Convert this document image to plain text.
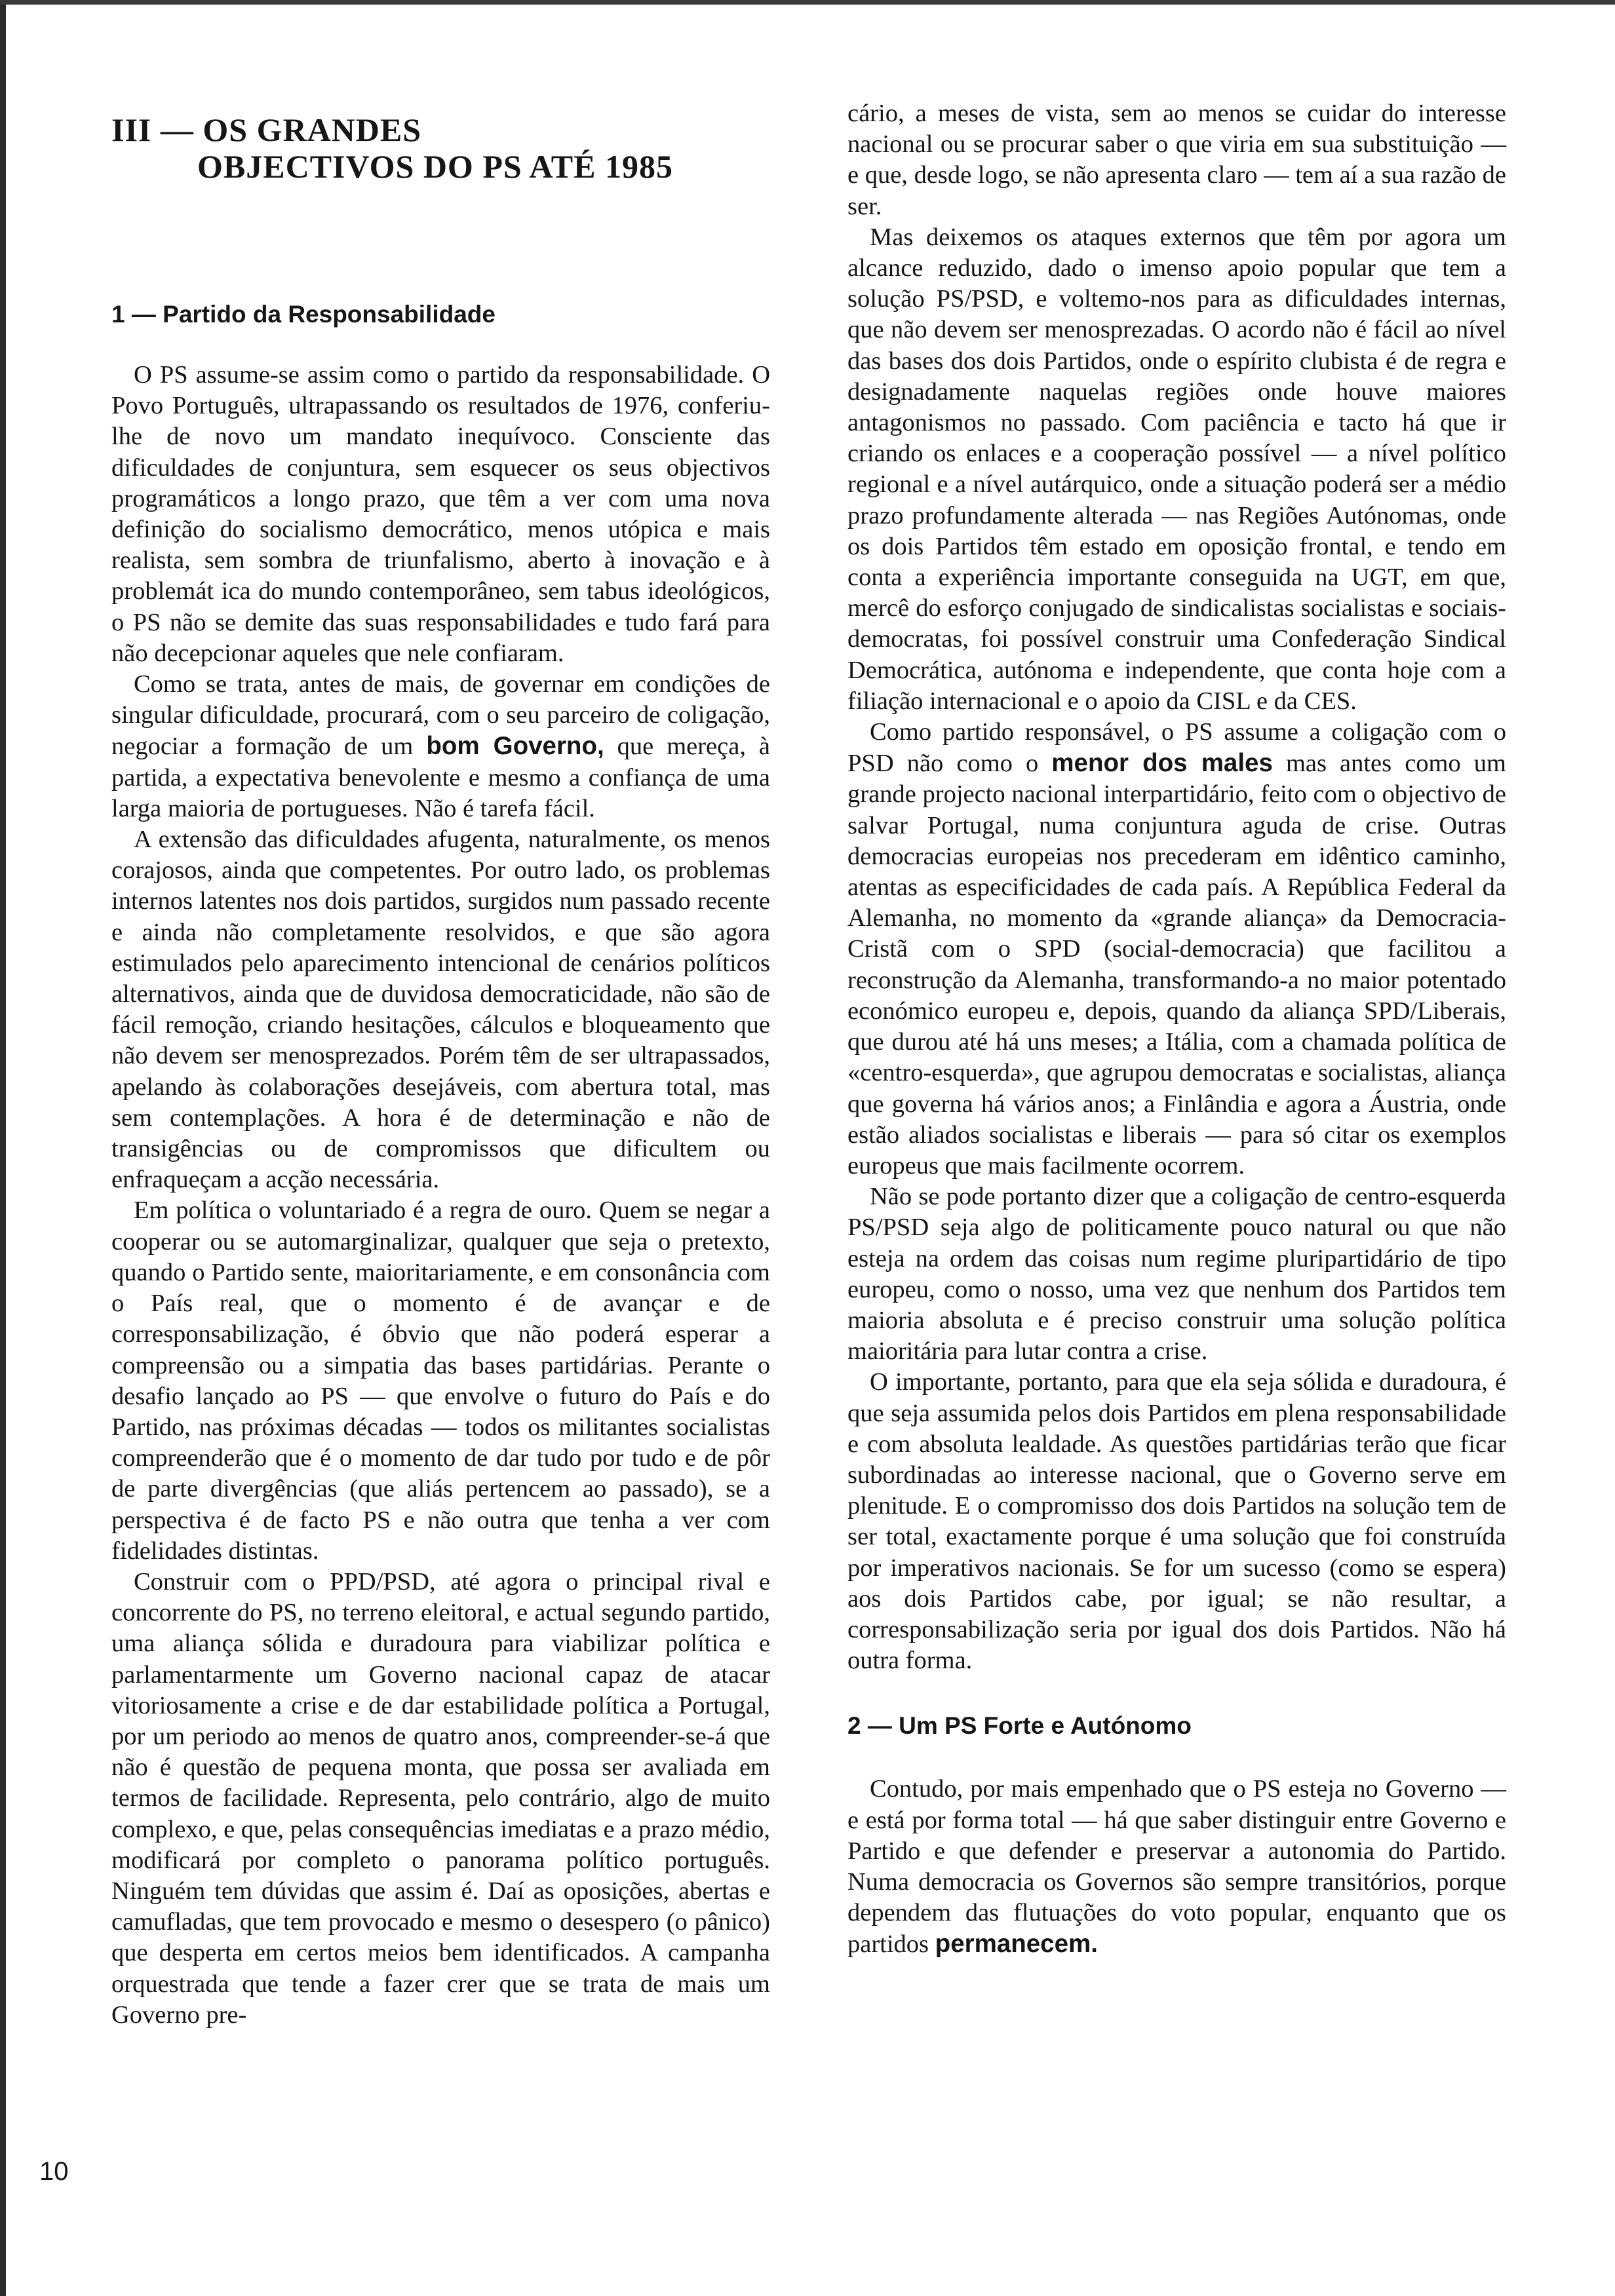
III — OS GRANDES
OBJECTIVOS DO PS ATÉ 1985
1 — Partido da Responsabilidade

O PS assume-se assim como o partido da responsabilidade. O Povo Português, ultrapassando os resultados de 1976, conferiu-lhe de novo um mandato inequívoco. Consciente das dificuldades de conjuntura, sem esquecer os seus objectivos programáticos a longo prazo, que têm a ver com uma nova definição do socialismo democrático, menos utópica e mais realista, sem sombra de triunfalismo, aberto à inovação e à problemát ica do mundo contemporâneo, sem tabus ideológicos, o PS não se demite das suas responsabilidades e tudo fará para não decepcionar aqueles que nele confiaram.

Como se trata, antes de mais, de governar em condições de singular dificuldade, procurará, com o seu parceiro de coligação, negociar a formação de um bom Governo, que mereça, à partida, a expectativa benevolente e mesmo a confiança de uma larga maioria de portugueses. Não é tarefa fácil.

A extensão das dificuldades afugenta, naturalmente, os menos corajosos, ainda que competentes. Por outro lado, os problemas internos latentes nos dois partidos, surgidos num passado recente e ainda não completamente resolvidos, e que são agora estimulados pelo aparecimento intencional de cenários políticos alternativos, ainda que de duvidosa democraticidade, não são de fácil remoção, criando hesitações, cálculos e bloqueamento que não devem ser menosprezados. Porém têm de ser ultrapassados, apelando às colaborações desejáveis, com abertura total, mas sem contemplações. A hora é de determinação e não de transigências ou de compromissos que dificultem ou enfraqueçam a acção necessária.

Em política o voluntariado é a regra de ouro. Quem se negar a cooperar ou se automarginalizar, qualquer que seja o pretexto, quando o Partido sente, maioritariamente, e em consonância com o País real, que o momento é de avançar e de corresponsabilização, é óbvio que não poderá esperar a compreensão ou a simpatia das bases partidárias. Perante o desafio lançado ao PS — que envolve o futuro do País e do Partido, nas próximas décadas — todos os militantes socialistas compreenderão que é o momento de dar tudo por tudo e de pôr de parte divergências (que aliás pertencem ao passado), se a perspectiva é de facto PS e não outra que tenha a ver com fidelidades distintas.

Construir com o PPD/PSD, até agora o principal rival e concorrente do PS, no terreno eleitoral, e actual segundo partido, uma aliança sólida e duradoura para viabilizar política e parlamentarmente um Governo nacional capaz de atacar vitoriosamente a crise e de dar estabilidade política a Portugal, por um periodo ao menos de quatro anos, compreender-se-á que não é questão de pequena monta, que possa ser avaliada em termos de facilidade. Representa, pelo contrário, algo de muito complexo, e que, pelas consequências imediatas e a prazo médio, modificará por completo o panorama político português. Ninguém tem dúvidas que assim é. Daí as oposições, abertas e camufladas, que tem provocado e mesmo o desespero (o pânico) que desperta em certos meios bem identificados. A campanha orquestrada que tende a fazer crer que se trata de mais um Governo pre-

cário, a meses de vista, sem ao menos se cuidar do interesse nacional ou se procurar saber o que viria em sua substituição — e que, desde logo, se não apresenta claro — tem aí a sua razão de ser.

Mas deixemos os ataques externos que têm por agora um alcance reduzido, dado o imenso apoio popular que tem a solução PS/PSD, e voltemo-nos para as dificuldades internas, que não devem ser menosprezadas. O acordo não é fácil ao nível das bases dos dois Partidos, onde o espírito clubista é de regra e designadamente naquelas regiões onde houve maiores antagonismos no passado. Com paciência e tacto há que ir criando os enlaces e a cooperação possível — a nível político regional e a nível autárquico, onde a situação poderá ser a médio prazo profundamente alterada — nas Regiões Autónomas, onde os dois Partidos têm estado em oposição frontal, e tendo em conta a experiência importante conseguida na UGT, em que, mercê do esforço conjugado de sindicalistas socialistas e sociais-democratas, foi possível construir uma Confederação Sindical Democrática, autónoma e independente, que conta hoje com a filiação internacional e o apoio da CISL e da CES.

Como partido responsável, o PS assume a coligação com o PSD não como o menor dos males mas antes como um grande projecto nacional interpartidário, feito com o objectivo de salvar Portugal, numa conjuntura aguda de crise. Outras democracias europeias nos precederam em idêntico caminho, atentas as especificidades de cada país. A República Federal da Alemanha, no momento da «grande aliança» da Democracia-Cristã com o SPD (social-democracia) que facilitou a reconstrução da Alemanha, transformando-a no maior potentado económico europeu e, depois, quando da aliança SPD/Liberais, que durou até há uns meses; a Itália, com a chamada política de «centro-esquerda», que agrupou democratas e socialistas, aliança que governa há vários anos; a Finlândia e agora a Áustria, onde estão aliados socialistas e liberais — para só citar os exemplos europeus que mais facilmente ocorrem.

Não se pode portanto dizer que a coligação de centro-esquerda PS/PSD seja algo de politicamente pouco natural ou que não esteja na ordem das coisas num regime pluripartidário de tipo europeu, como o nosso, uma vez que nenhum dos Partidos tem maioria absoluta e é preciso construir uma solução política maioritária para lutar contra a crise.

O importante, portanto, para que ela seja sólida e duradoura, é que seja assumida pelos dois Partidos em plena responsabilidade e com absoluta lealdade. As questões partidárias terão que ficar subordinadas ao interesse nacional, que o Governo serve em plenitude. E o compromisso dos dois Partidos na solução tem de ser total, exactamente porque é uma solução que foi construída por imperativos nacionais. Se for um sucesso (como se espera) aos dois Partidos cabe, por igual; se não resultar, a corresponsabilização seria por igual dos dois Partidos. Não há outra forma.

2 — Um PS Forte e Autónomo

Contudo, por mais empenhado que o PS esteja no Governo — e está por forma total — há que saber distinguir entre Governo e Partido e que defender e preservar a autonomia do Partido. Numa democracia os Governos são sempre transitórios, porque dependem das flutuações do voto popular, enquanto que os partidos permanecem.

10
